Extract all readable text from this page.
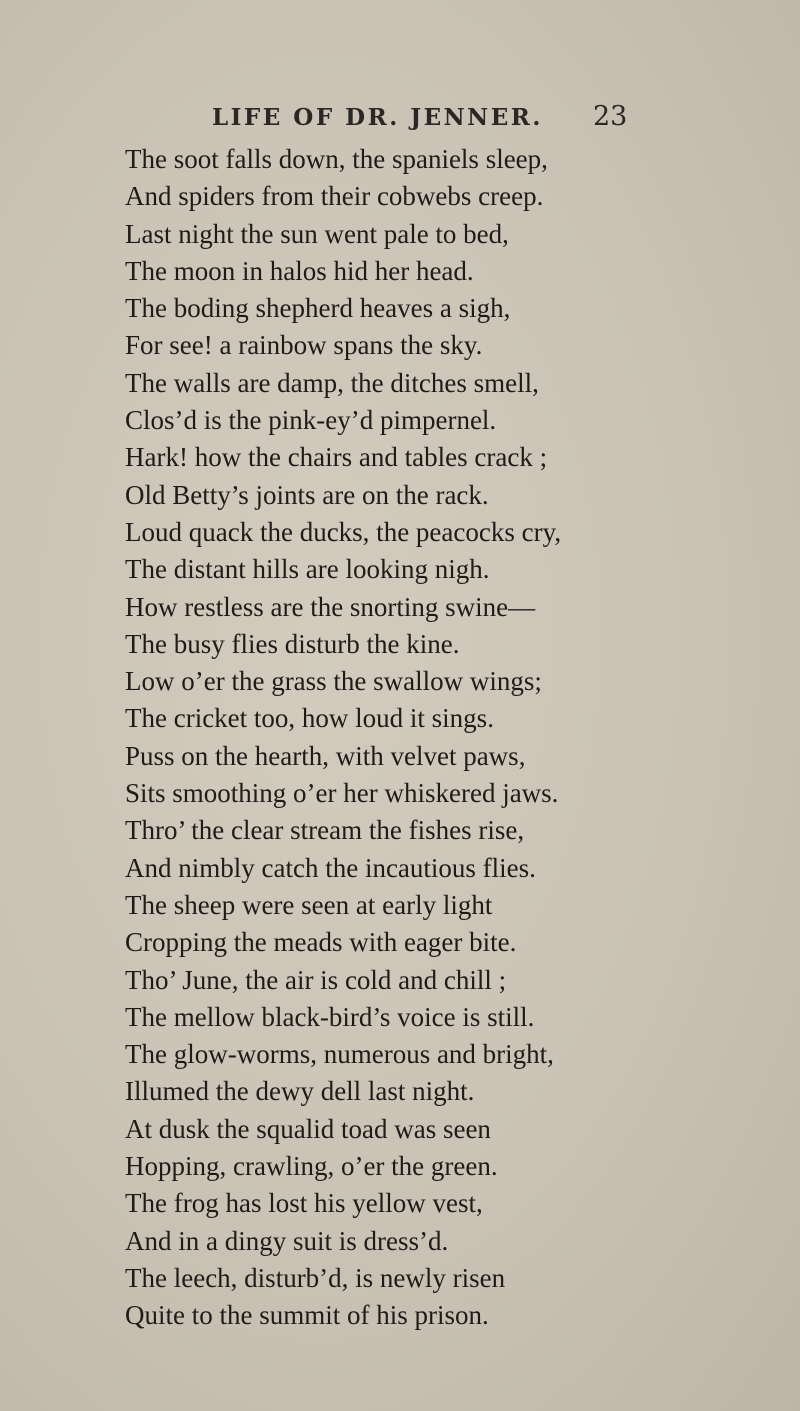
LIFE OF DR. JENNER. 23
The soot falls down, the spaniels sleep,
And spiders from their cobwebs creep.
Last night the sun went pale to bed,
The moon in halos hid her head.
The boding shepherd heaves a sigh,
For see! a rainbow spans the sky.
The walls are damp, the ditches smell,
Clos’d is the pink-ey’d pimpernel.
Hark! how the chairs and tables crack ;
Old Betty’s joints are on the rack.
Loud quack the ducks, the peacocks cry,
The distant hills are looking nigh.
How restless are the snorting swine—
The busy flies disturb the kine.
Low o’er the grass the swallow wings;
The cricket too, how loud it sings.
Puss on the hearth, with velvet paws,
Sits smoothing o’er her whiskered jaws.
Thro’ the clear stream the fishes rise,
And nimbly catch the incautious flies.
The sheep were seen at early light
Cropping the meads with eager bite.
Tho’ June, the air is cold and chill ;
The mellow black-bird’s voice is still.
The glow-worms, numerous and bright,
Illumed the dewy dell last night.
At dusk the squalid toad was seen
Hopping, crawling, o’er the green.
The frog has lost his yellow vest,
And in a dingy suit is dress’d.
The leech, disturb’d, is newly risen
Quite to the summit of his prison.
